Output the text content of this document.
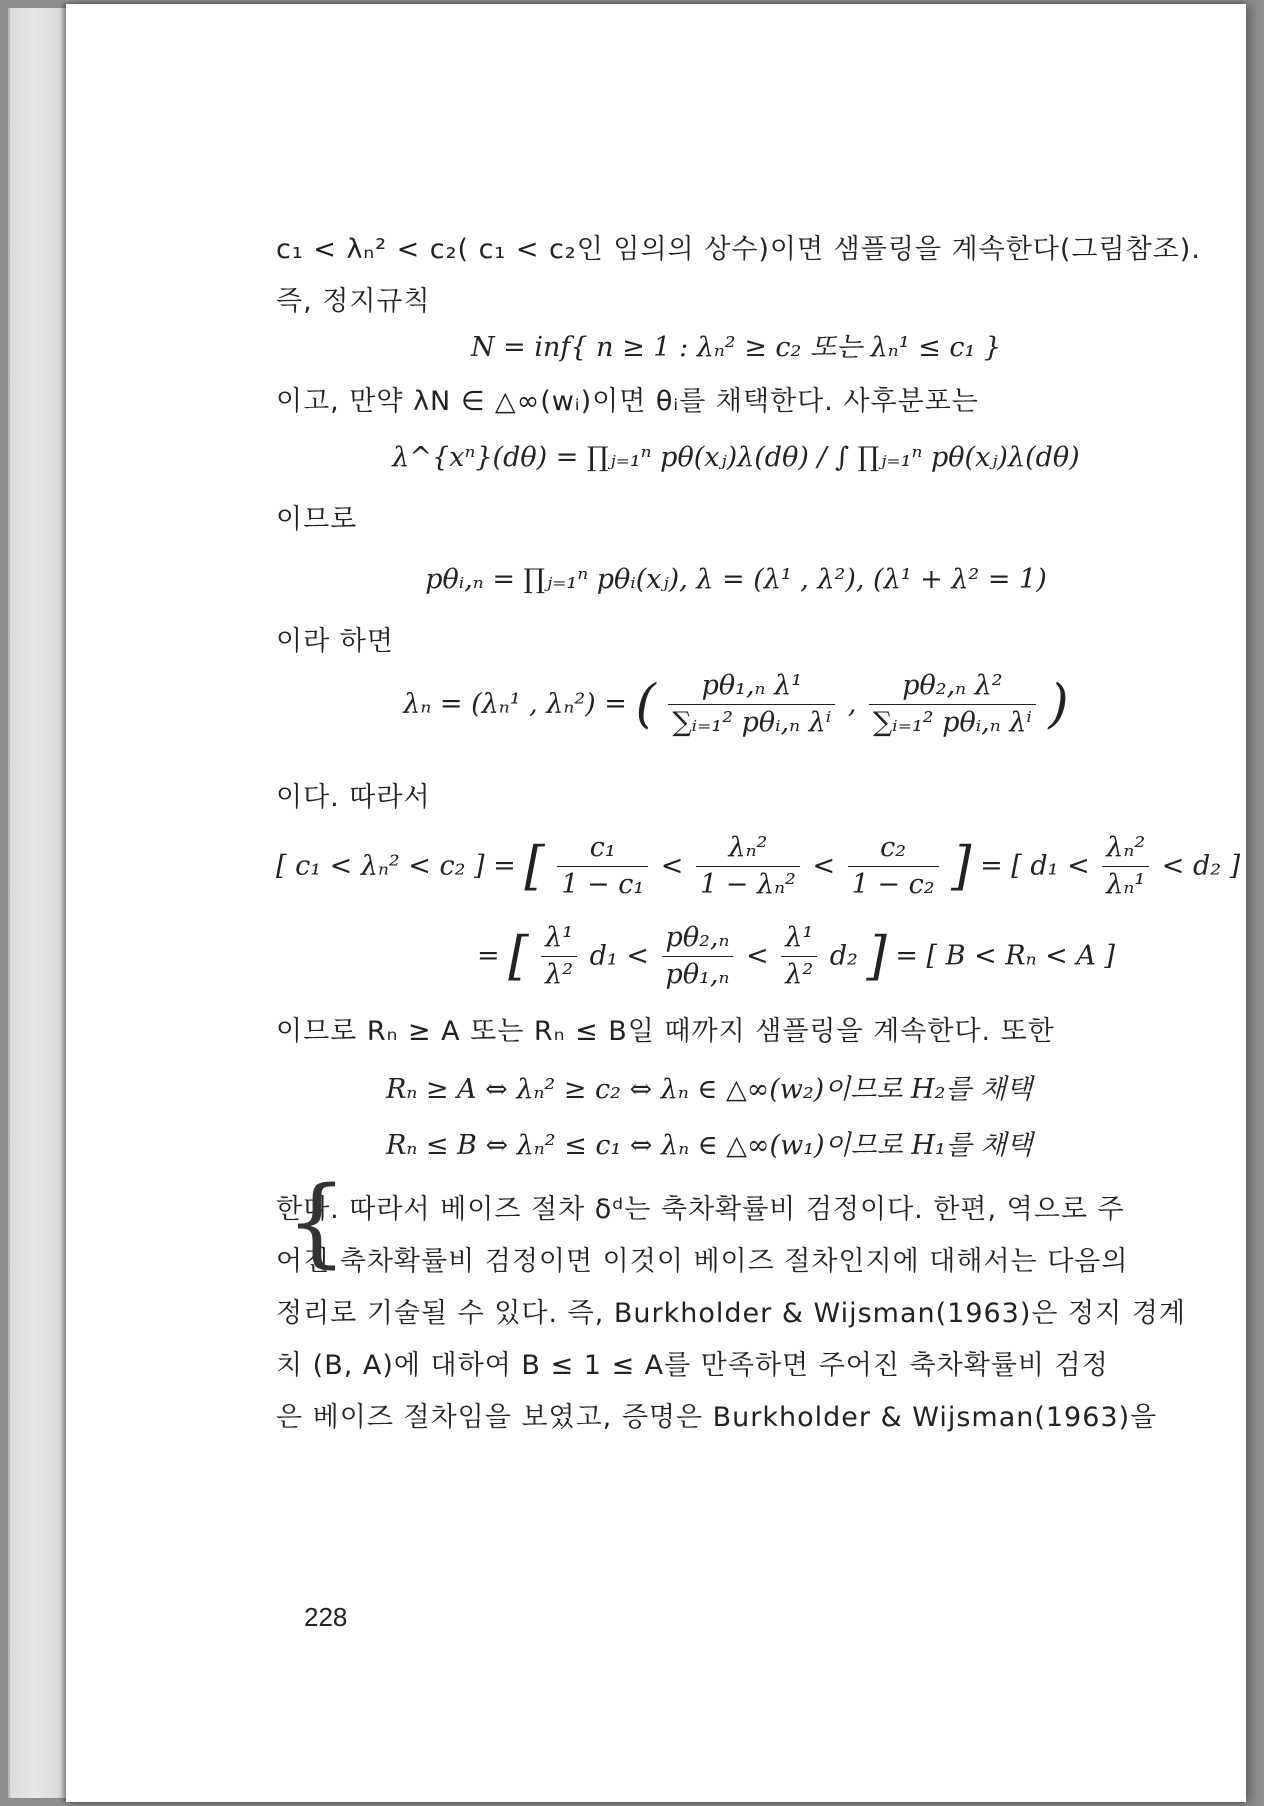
c₁ < λₙ² < c₂( c₁ < c₂인 임의의 상수)이면 샘플링을 계속한다(그림참조).
즉, 정지규칙
N = inf{ n ≥ 1 : λₙ² ≥ c₂ 또는 λₙ¹ ≤ c₁ }
이고, 만약 λN ∈ △∞(wᵢ)이면 θᵢ를 채택한다. 사후분포는
λ^{xⁿ}(dθ) = ∏ⱼ₌₁ⁿ pθ(xⱼ)λ(dθ) / ∫ ∏ⱼ₌₁ⁿ pθ(xⱼ)λ(dθ)
이므로
pθᵢ,ₙ = ∏ⱼ₌₁ⁿ pθᵢ(xⱼ), λ = (λ¹ , λ²), (λ¹ + λ² = 1)
이라 하면
λₙ = (λₙ¹ , λₙ²) = ( $\frac{\text{pθ₁,ₙ λ¹}}{\text{∑ᵢ₌₁² pθᵢ,ₙ λⁱ}}$ , $\frac{\text{pθ₂,ₙ λ²}}{\text{∑ᵢ₌₁² pθᵢ,ₙ λⁱ}}$ )
이다. 따라서
[ c₁ < λₙ² < c₂ ] = [ $\frac{\text{c₁}}{\text{1 − c₁}} < \frac{\text{λₙ²}}{\text{1 − λₙ²}} < \frac{\text{c₂}}{\text{1 − c₂}}$ ] = [ $d_1 < \frac{\text{λₙ²}}{\text{λₙ¹}} < d_2$ ]
= [ $\frac{\text{λ¹}}{\text{λ²}} d_1 < \frac{\text{pθ₂,ₙ}}{\text{pθ₁,ₙ}} < \frac{\text{λ¹}}{\text{λ²}} d_2$ ] = [ B < Rₙ < A ]
이므로 Rₙ ≥ A 또는 Rₙ ≤ B일 때까지 샘플링을 계속한다. 또한
Rₙ ≥ A ⇔ λₙ² ≥ c₂ ⇔ λₙ ∈ △∞(w₂)이므로 H₂를 채택
Rₙ ≤ B ⇔ λₙ² ≤ c₁ ⇔ λₙ ∈ △∞(w₁)이므로 H₁를 채택
한다. 따라서 베이즈 절차 δᵈ는 축차확률비 검정이다. 한편, 역으로 주
어진 축차확률비 검정이면 이것이 베이즈 절차인지에 대해서는 다음의
정리로 기술될 수 있다. 즉, Burkholder & Wijsman(1963)은 정지 경계
치 (B, A)에 대하여 B ≤ 1 ≤ A를 만족하면 주어진 축차확률비 검정
은 베이즈 절차임을 보였고, 증명은 Burkholder & Wijsman(1963)을
{
228
